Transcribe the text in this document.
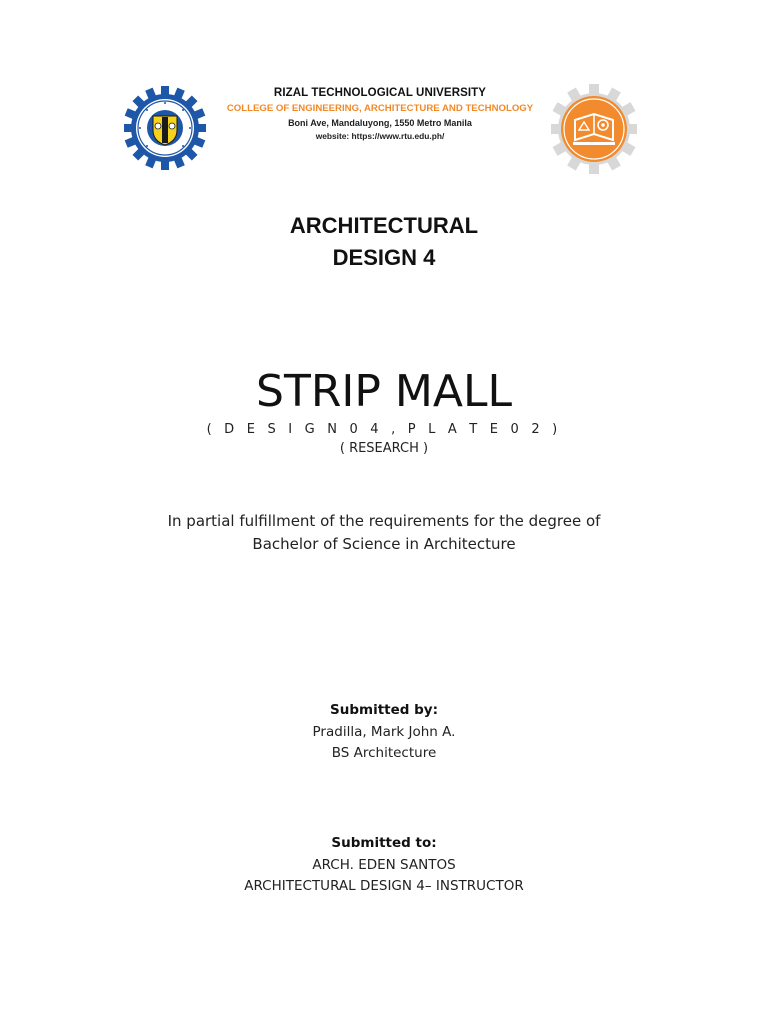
RIZAL TECHNOLOGICAL UNIVERSITY
COLLEGE OF ENGINEERING, ARCHITECTURE AND TECHNOLOGY
Boni Ave, Mandaluyong, 1550 Metro Manila
website: https://www.rtu.edu.ph/
ARCHITECTURAL
DESIGN 4
STRIP MALL
( D E S I G N 0 4 , P L A T E 0 2 )
( RESEARCH )
In partial fulfillment of the requirements for the degree of
Bachelor of Science in Architecture
Submitted by:
Pradilla, Mark John A.
BS Architecture
Submitted to:
ARCH. EDEN SANTOS
ARCHITECTURAL DESIGN 4– INSTRUCTOR
